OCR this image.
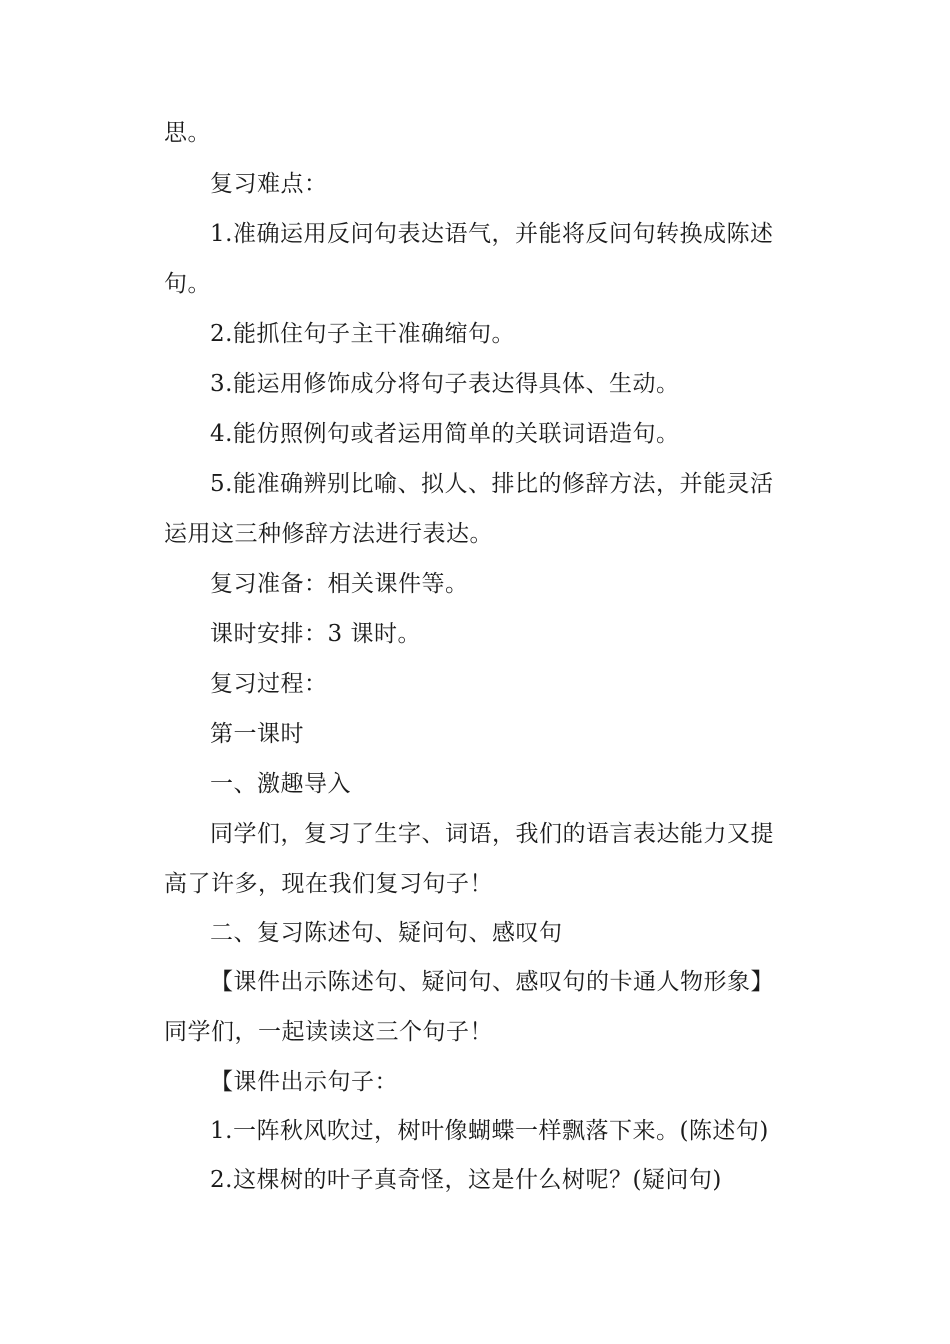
思。
复习难点：
1.准确运用反问句表达语气，并能将反问句转换成陈述
句。
2.能抓住句子主干准确缩句。
3.能运用修饰成分将句子表达得具体、生动。
4.能仿照例句或者运用简单的关联词语造句。
5.能准确辨别比喻、拟人、排比的修辞方法，并能灵活
运用这三种修辞方法进行表达。
复习准备：相关课件等。
课时安排：3 课时。
复习过程：
第一课时
一、激趣导入
同学们，复习了生字、词语，我们的语言表达能力又提
高了许多，现在我们复习句子！
二、复习陈述句、疑问句、感叹句
【课件出示陈述句、疑问句、感叹句的卡通人物形象】
同学们，一起读读这三个句子！
【课件出示句子：
1.一阵秋风吹过，树叶像蝴蝶一样飘落下来。(陈述句)
2.这棵树的叶子真奇怪，这是什么树呢？(疑问句)
